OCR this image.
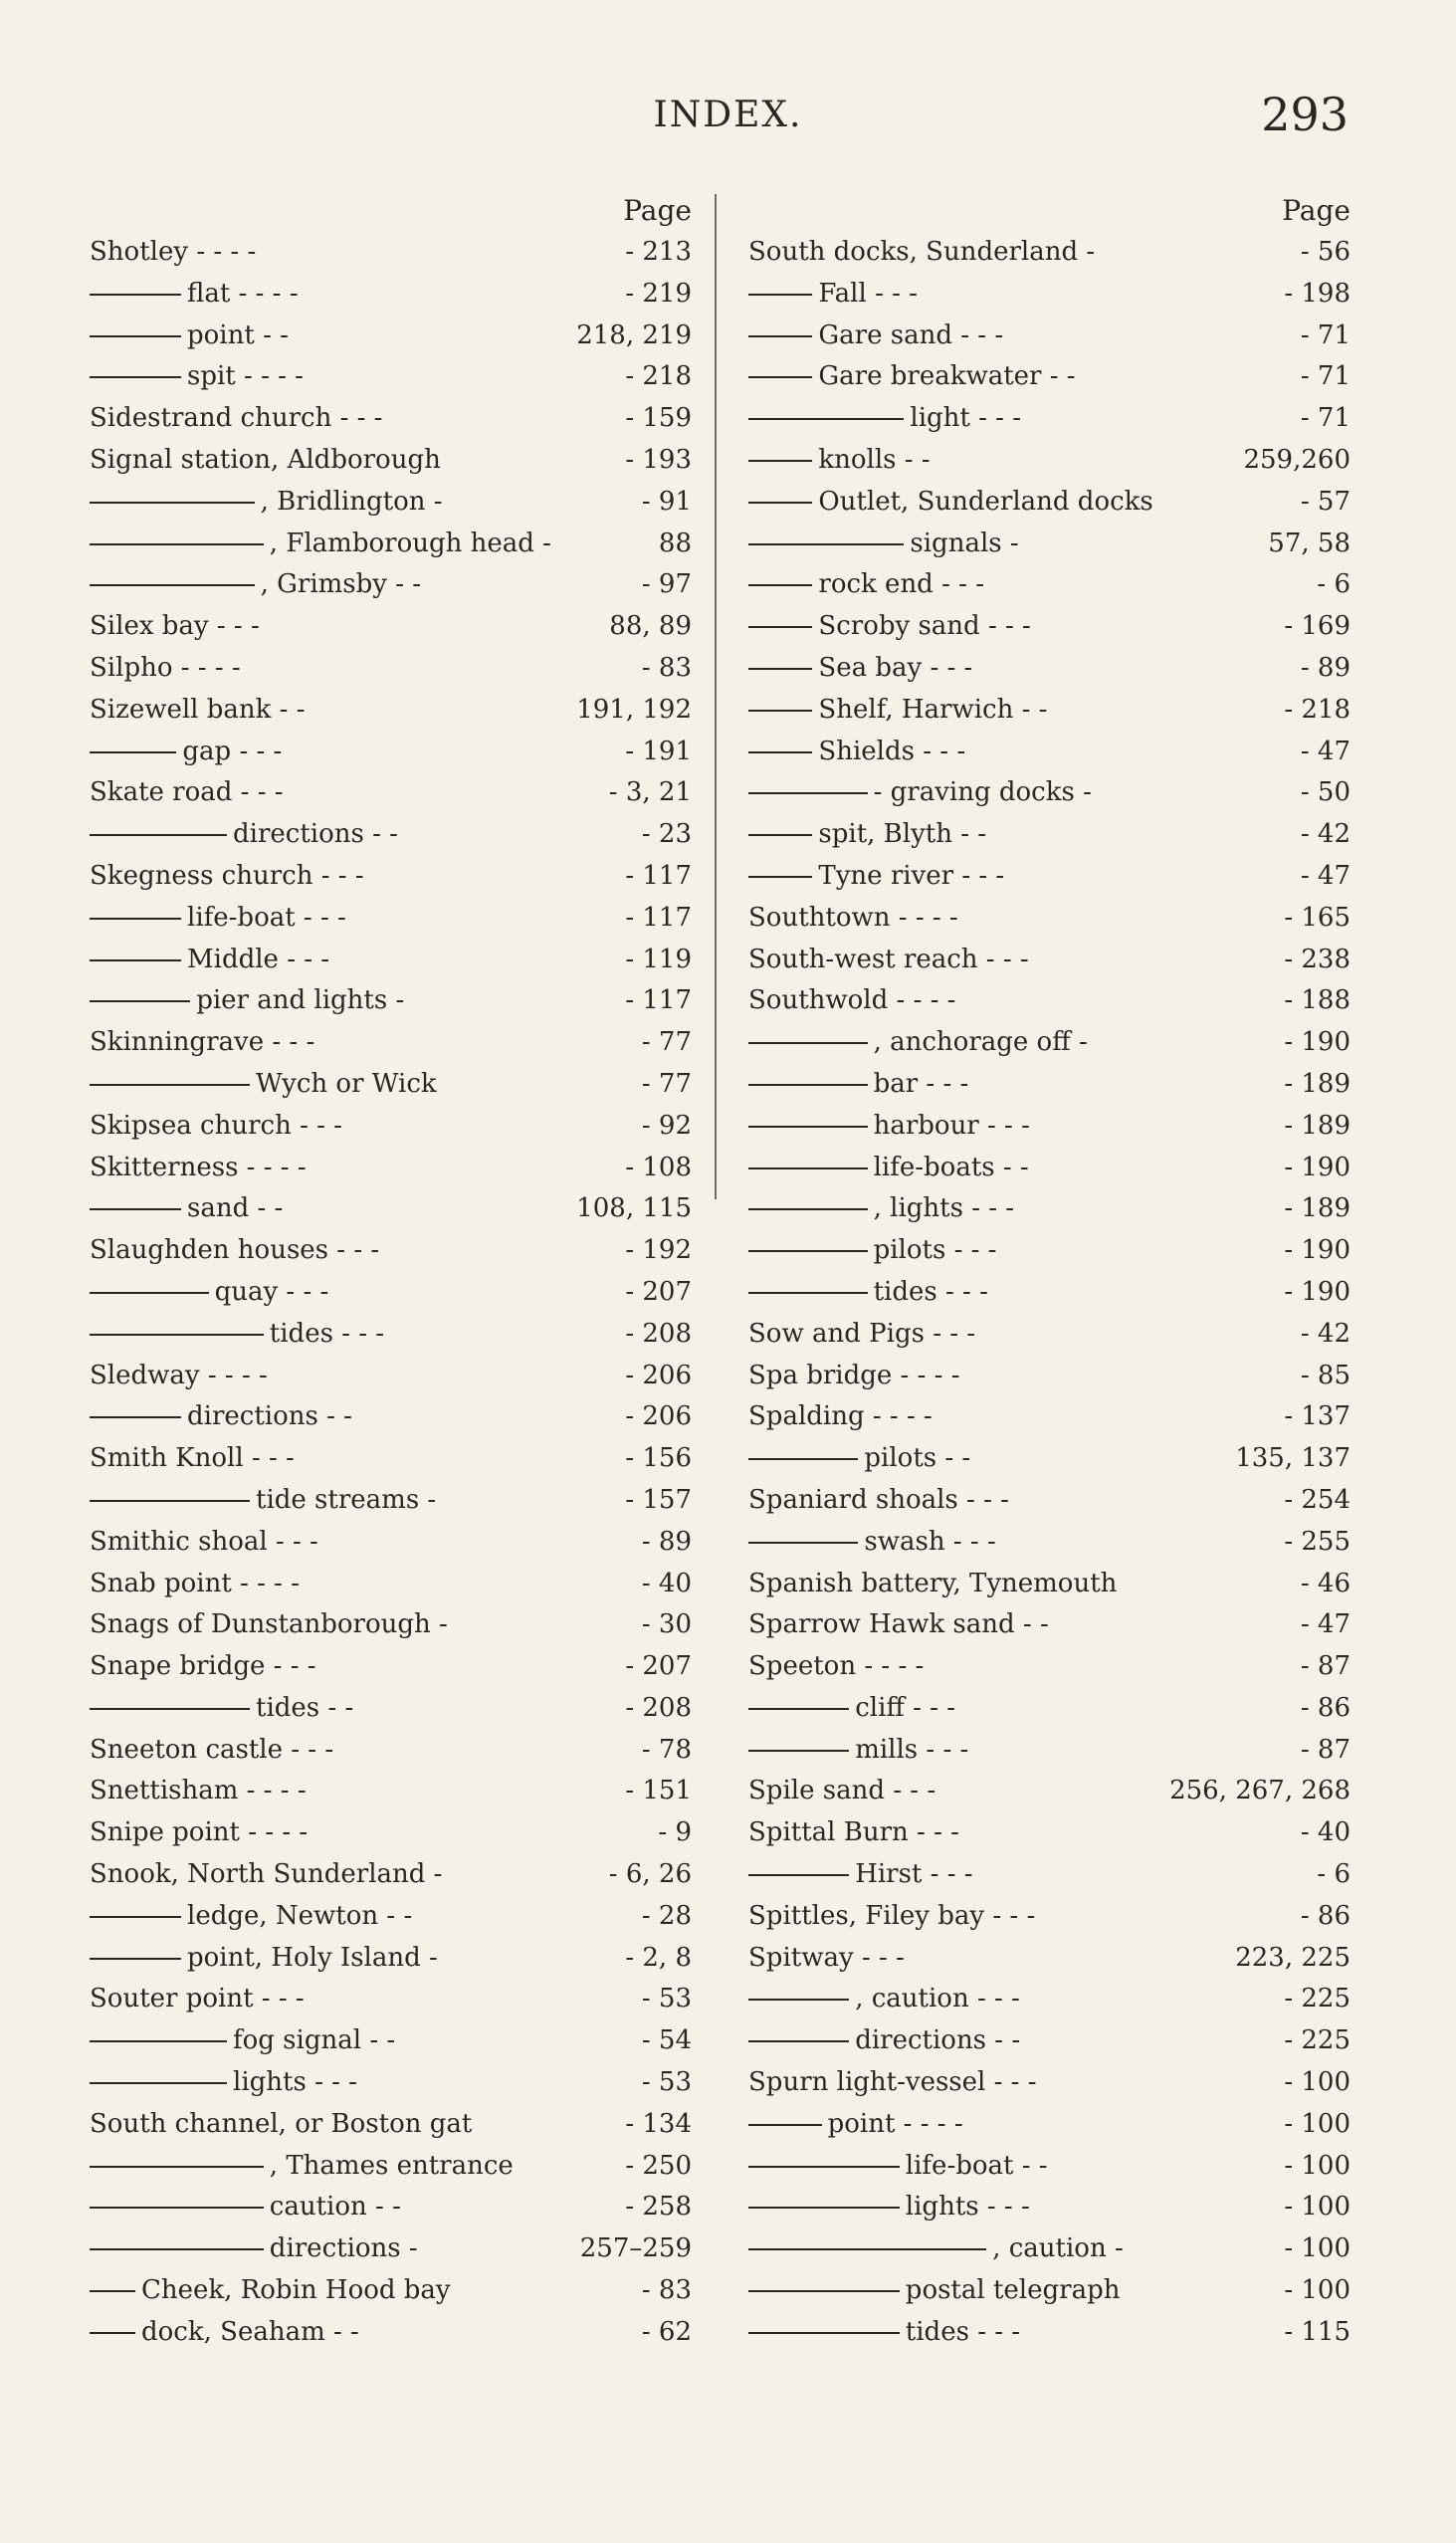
INDEX.	293
Page
Shotley - - - -	- 213
flat - - - -	- 219
point - -	218, 219
spit - - - -	- 218
Sidestrand church - - -	- 159
Signal station, Aldborough	- 193
, Bridlington -	- 91
, Flamborough head -	88
, Grimsby - -	- 97
Silex bay - - -	88, 89
Silpho - - - -	- 83
Sizewell bank - -	191, 192
gap - - -	- 191
Skate road - - -	- 3, 21
directions - -	- 23
Skegness church - - -	- 117
life-boat - - -	- 117
Middle - - -	- 119
pier and lights -	- 117
Skinningrave - - -	- 77
Wych or Wick	- 77
Skipsea church - - -	- 92
Skitterness - - - -	- 108
sand - -	108, 115
Slaughden houses - - -	- 192
quay - - -	- 207
tides - - -	- 208
Sledway - - - -	- 206
directions - -	- 206
Smith Knoll - - -	- 156
tide streams -	- 157
Smithic shoal - - -	- 89
Snab point - - - -	- 40
Snags of Dunstanborough -	- 30
Snape bridge - - -	- 207
tides - -	- 208
Sneeton castle - - -	- 78
Snettisham - - - -	- 151
Snipe point - - - -	- 9
Snook, North Sunderland -	- 6, 26
ledge, Newton - -	- 28
point, Holy Island -	- 2, 8
Souter point - - -	- 53
fog signal - -	- 54
lights - - -	- 53
South channel, or Boston gat	- 134
, Thames entrance	- 250
caution - -	- 258
directions -	257–259
Cheek, Robin Hood bay	- 83
dock, Seaham - -	- 62
Page
South docks, Sunderland -	- 56
Fall - - -	- 198
Gare sand - - -	- 71
Gare breakwater - -	- 71
light - - -	- 71
knolls - -	259,260
Outlet, Sunderland docks	- 57
signals -	57, 58
rock end - - -	- 6
Scroby sand - - -	- 169
Sea bay - - -	- 89
Shelf, Harwich - -	- 218
Shields - - -	- 47
- graving docks -	- 50
spit, Blyth - -	- 42
Tyne river - - -	- 47
Southtown - - - -	- 165
South-west reach - - -	- 238
Southwold - - - -	- 188
, anchorage off -	- 190
bar - - -	- 189
harbour - - -	- 189
life-boats - -	- 190
, lights - - -	- 189
pilots - - -	- 190
tides - - -	- 190
Sow and Pigs - - -	- 42
Spa bridge - - - -	- 85
Spalding - - - -	- 137
pilots - -	135, 137
Spaniard shoals - - -	- 254
swash - - -	- 255
Spanish battery, Tynemouth	- 46
Sparrow Hawk sand - -	- 47
Speeton - - - -	- 87
cliff - - -	- 86
mills - - -	- 87
Spile sand - - -	256, 267, 268
Spittal Burn - - -	- 40
Hirst - - -	- 6
Spittles, Filey bay - - -	- 86
Spitway - - -	223, 225
, caution - - -	- 225
directions - -	- 225
Spurn light-vessel - - -	- 100
point - - - -	- 100
life-boat - -	- 100
lights - - -	- 100
, caution -	- 100
postal telegraph	- 100
tides - - -	- 115
